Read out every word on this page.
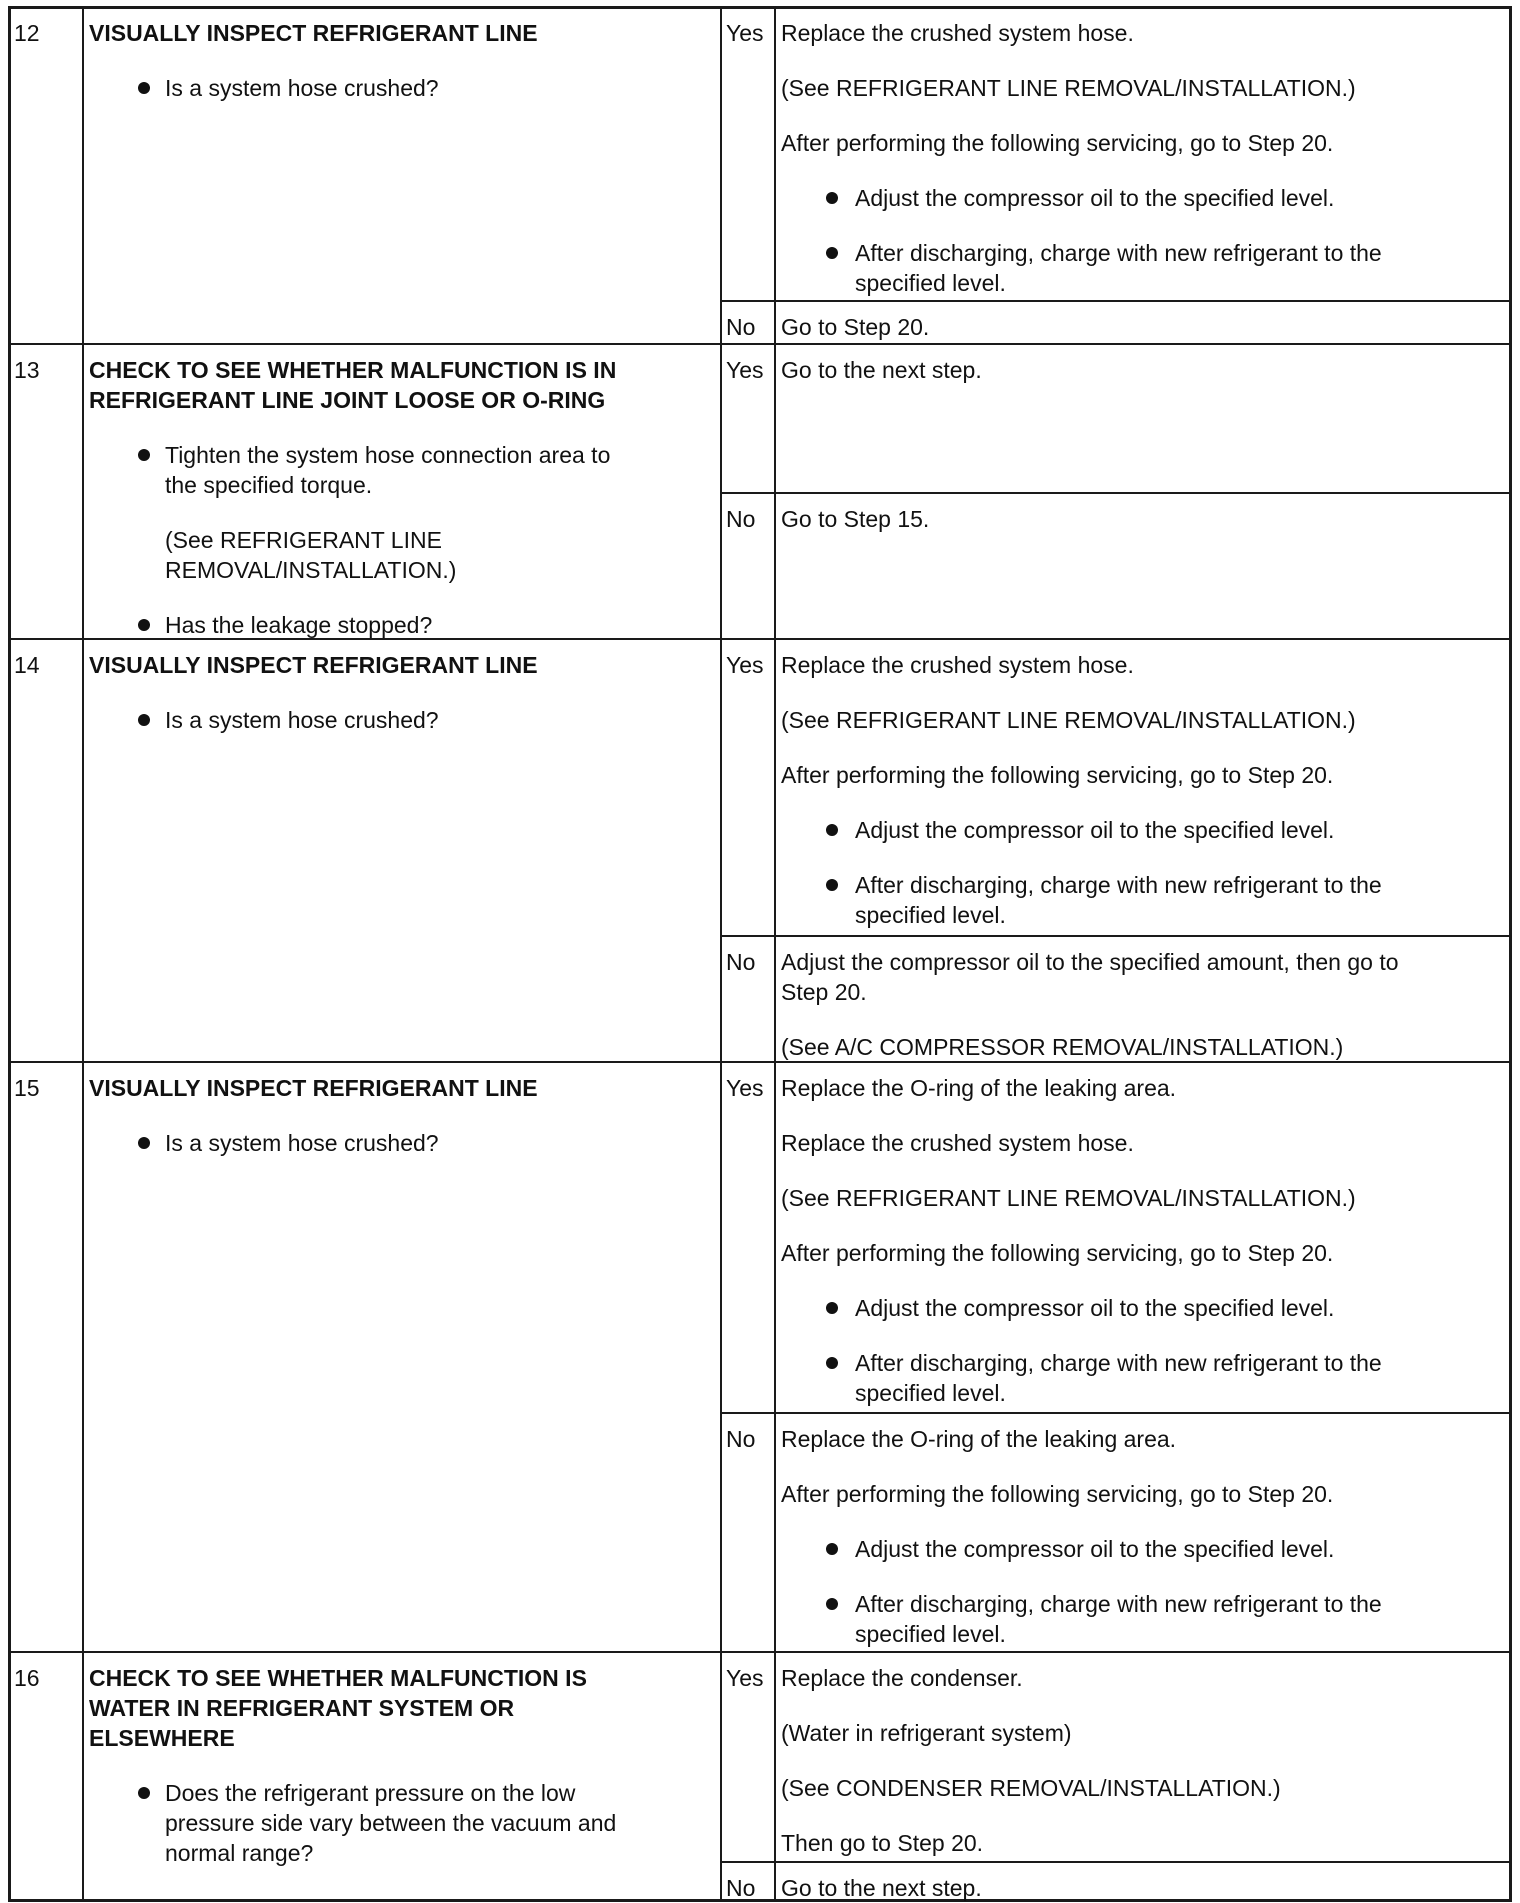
12 VISUALLY INSPECT REFRIGERANT LINE
Is a system hose crushed?
Yes Replace the crushed system hose.
(See REFRIGERANT LINE REMOVAL/INSTALLATION.)
After performing the following servicing, go to Step 20.
Adjust the compressor oil to the specified level.
After discharging, charge with new refrigerant to the
specified level.
No Go to Step 20.
13 CHECK TO SEE WHETHER MALFUNCTION IS IN
REFRIGERANT LINE JOINT LOOSE OR O-RING
Tighten the system hose connection area to
the specified torque.
(See REFRIGERANT LINE
REMOVAL/INSTALLATION.)
Has the leakage stopped?
Yes Go to the next step.
No Go to Step 15.
14 VISUALLY INSPECT REFRIGERANT LINE
Is a system hose crushed?
Yes Replace the crushed system hose.
(See REFRIGERANT LINE REMOVAL/INSTALLATION.)
After performing the following servicing, go to Step 20.
Adjust the compressor oil to the specified level.
After discharging, charge with new refrigerant to the
specified level.
No Adjust the compressor oil to the specified amount, then go to
Step 20.
(See A/C COMPRESSOR REMOVAL/INSTALLATION.)
15 VISUALLY INSPECT REFRIGERANT LINE
Is a system hose crushed?
Yes Replace the O-ring of the leaking area.
Replace the crushed system hose.
(See REFRIGERANT LINE REMOVAL/INSTALLATION.)
After performing the following servicing, go to Step 20.
Adjust the compressor oil to the specified level.
After discharging, charge with new refrigerant to the
specified level.
No Replace the O-ring of the leaking area.
After performing the following servicing, go to Step 20.
Adjust the compressor oil to the specified level.
After discharging, charge with new refrigerant to the
specified level.
16 CHECK TO SEE WHETHER MALFUNCTION IS
WATER IN REFRIGERANT SYSTEM OR
ELSEWHERE
Does the refrigerant pressure on the low
pressure side vary between the vacuum and
normal range?
Yes Replace the condenser.
(Water in refrigerant system)
(See CONDENSER REMOVAL/INSTALLATION.)
Then go to Step 20.
No Go to the next step.
